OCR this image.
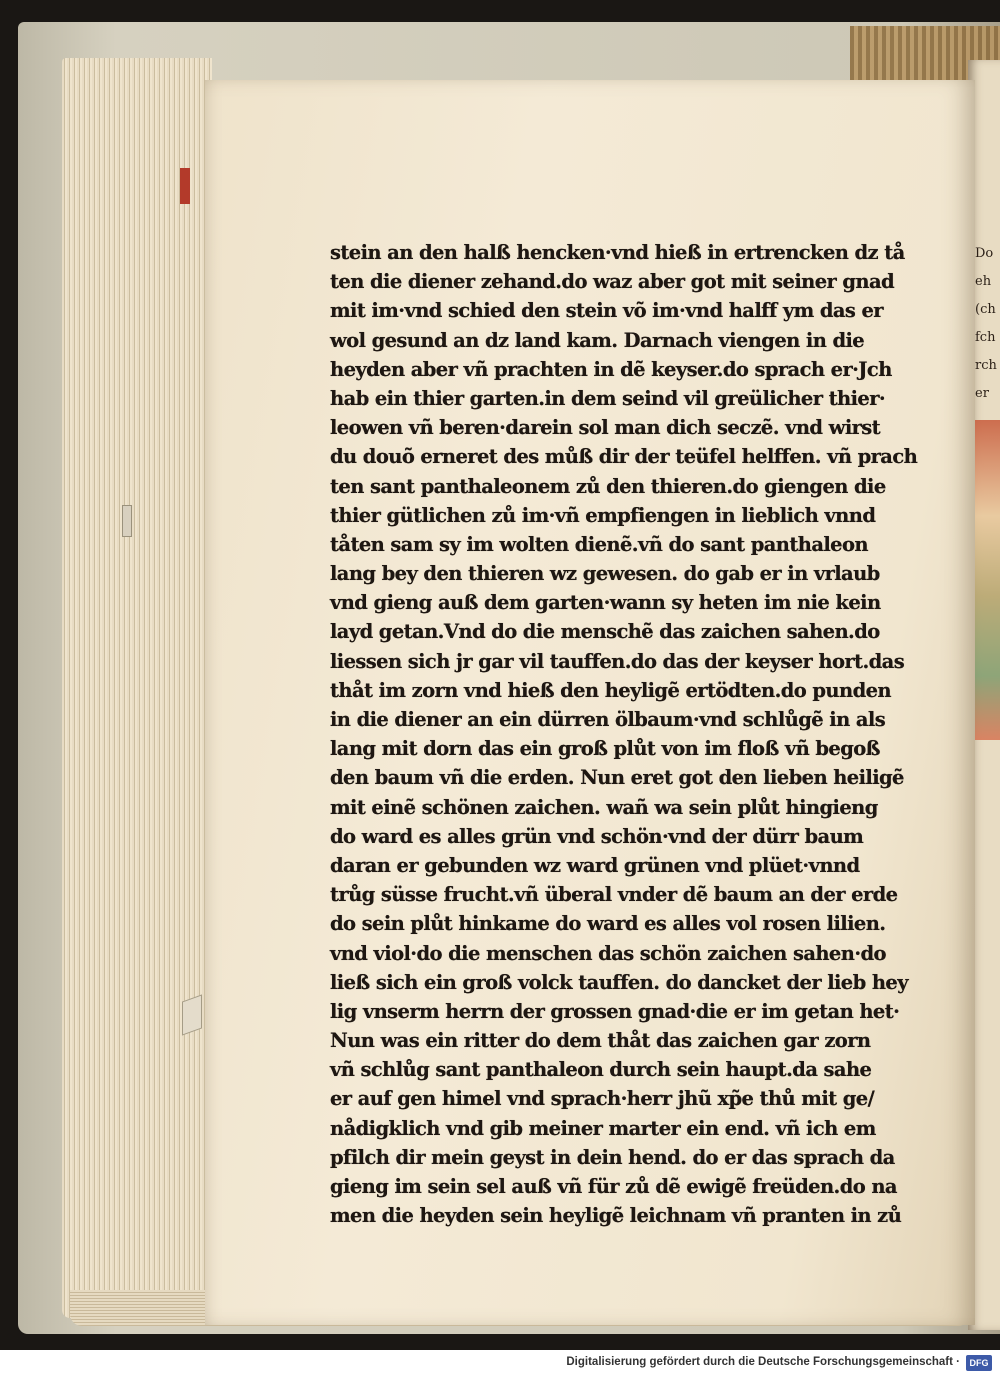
Do
eh
(ch
fch
rch
er
stein an den halß hencken·vnd hieß in ertrencken dz tå
ten die diener zehand.do waz aber got mit seiner gnad
mit im·vnd schied den stein võ im·vnd halff ym das er
wol gesund an dz land kam. Darnach viengen in die
heyden aber vñ prachten in dẽ keyser.do sprach er·Jch
hab ein thier garten.in dem seind vil greülicher thier·
leowen vñ beren·darein sol man dich seczẽ. vnd wirst
du douõ erneret des můß dir der teüfel helffen. vñ prach
ten sant panthaleonem zů den thieren.do giengen die
thier gütlichen zů im·vñ empfiengen in lieblich vnnd
tåten sam sy im wolten dienẽ.vñ do sant panthaleon
lang bey den thieren wz gewesen. do gab er in vrlaub
vnd gieng auß dem garten·wann sy heten im nie kein
layd getan.Vnd do die menschẽ das zaichen sahen.do
liessen sich jr gar vil tauffen.do das der keyser hort.das
thåt im zorn vnd hieß den heyligẽ ertödten.do punden
in die diener an ein dürren ölbaum·vnd schlůgẽ in als
lang mit dorn das ein groß plůt von im floß vñ begoß
den baum vñ die erden. Nun eret got den lieben heiligẽ
mit einẽ schönen zaichen. wañ wa sein plůt hingieng
do ward es alles grün vnd schön·vnd der dürr baum
daran er gebunden wz ward grünen vnd plüet·vnnd
trůg süsse frucht.vñ überal vnder dẽ baum an der erde
do sein plůt hinkame do ward es alles vol rosen lilien.
vnd viol·do die menschen das schön zaichen sahen·do
ließ sich ein groß volck tauffen. do dancket der lieb hey
lig vnserm herrn der grossen gnad·die er im getan het·
Nun was ein ritter do dem thåt das zaichen gar zorn
vñ schlůg sant panthaleon durch sein haupt.da sahe
er auf gen himel vnd sprach·herr jhũ xp̃e thů mit ge/
nådigklich vnd gib meiner marter ein end. vñ ich em
pfilch dir mein geyst in dein hend. do er das sprach da
gieng im sein sel auß vñ für zů dẽ ewigẽ freüden.do na
men die heyden sein heyligẽ leichnam vñ pranten in zů
Digitalisierung gefördert durch die Deutsche Forschungsgemeinschaft ·	DFG
